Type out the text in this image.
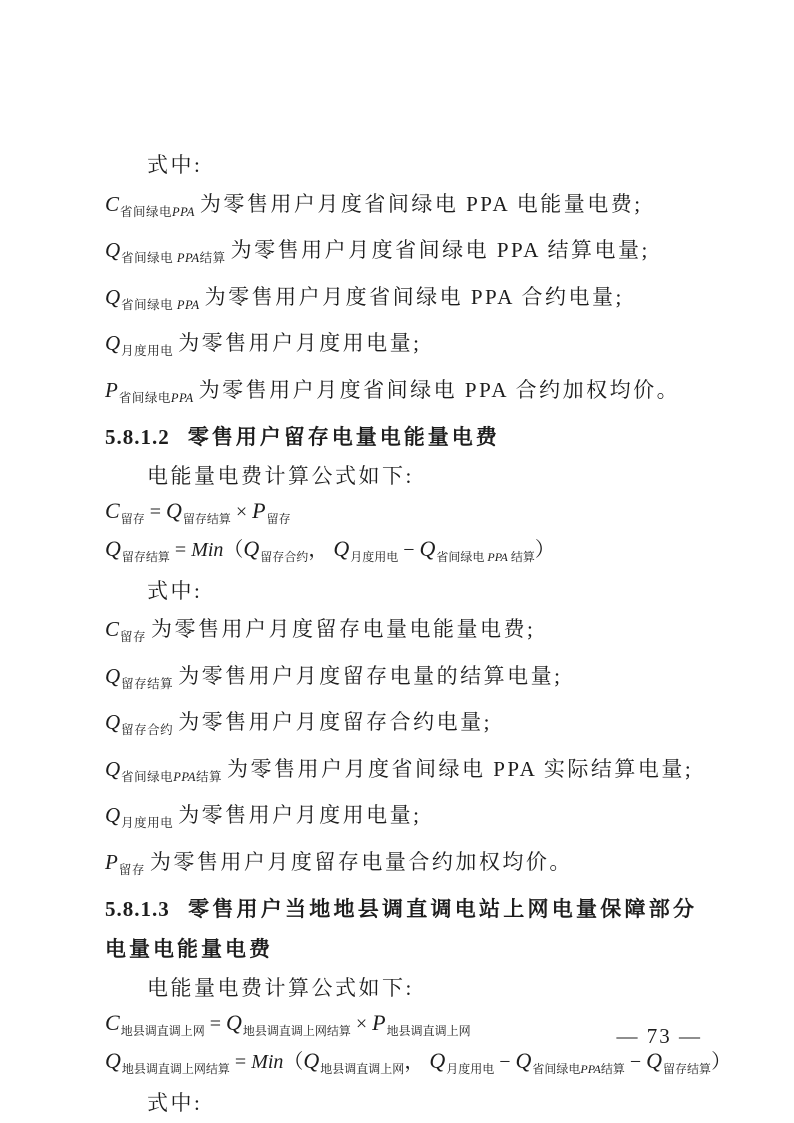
式中:
$C_{省间绿电PPA}$ 为零售用户月度省间绿电 PPA 电能量电费;
$Q_{省间绿电 PPA结算}$ 为零售用户月度省间绿电 PPA 结算电量;
$Q_{省间绿电 PPA}$ 为零售用户月度省间绿电 PPA 合约电量;
$Q_{月度用电}$ 为零售用户月度用电量;
$P_{省间绿电PPA}$ 为零售用户月度省间绿电 PPA 合约加权均价。
5.8.1.2 零售用户留存电量电能量电费
电能量电费计算公式如下:
$C_{留存} = Q_{留存结算} \times P_{留存}$
$Q_{留存结算} = Min(Q_{留存合约}$， $Q_{月度用电} - Q_{省间绿电 PPA 结算}$）
式中:
$C_{留存}$ 为零售用户月度留存电量电能量电费;
$Q_{留存结算}$ 为零售用户月度留存电量的结算电量;
$Q_{留存合约}$ 为零售用户月度留存合约电量;
$Q_{省间绿电PPA结算}$ 为零售用户月度省间绿电 PPA 实际结算电量;
$Q_{月度用电}$ 为零售用户月度用电量;
$P_{留存}$ 为零售用户月度留存电量合约加权均价。
5.8.1.3 零售用户当地地县调直调电站上网电量保障部分电量电能量电费
电能量电费计算公式如下:
$C_{地县调直调上网} = Q_{地县调直调上网结算} \times P_{地县调直调上网}$
$Q_{地县调直调上网结算} = Min(Q_{地县调直调上网}$， $Q_{月度用电} - Q_{省间绿电PPA结算} - Q_{留存结算}$）
式中:
— 73 —
